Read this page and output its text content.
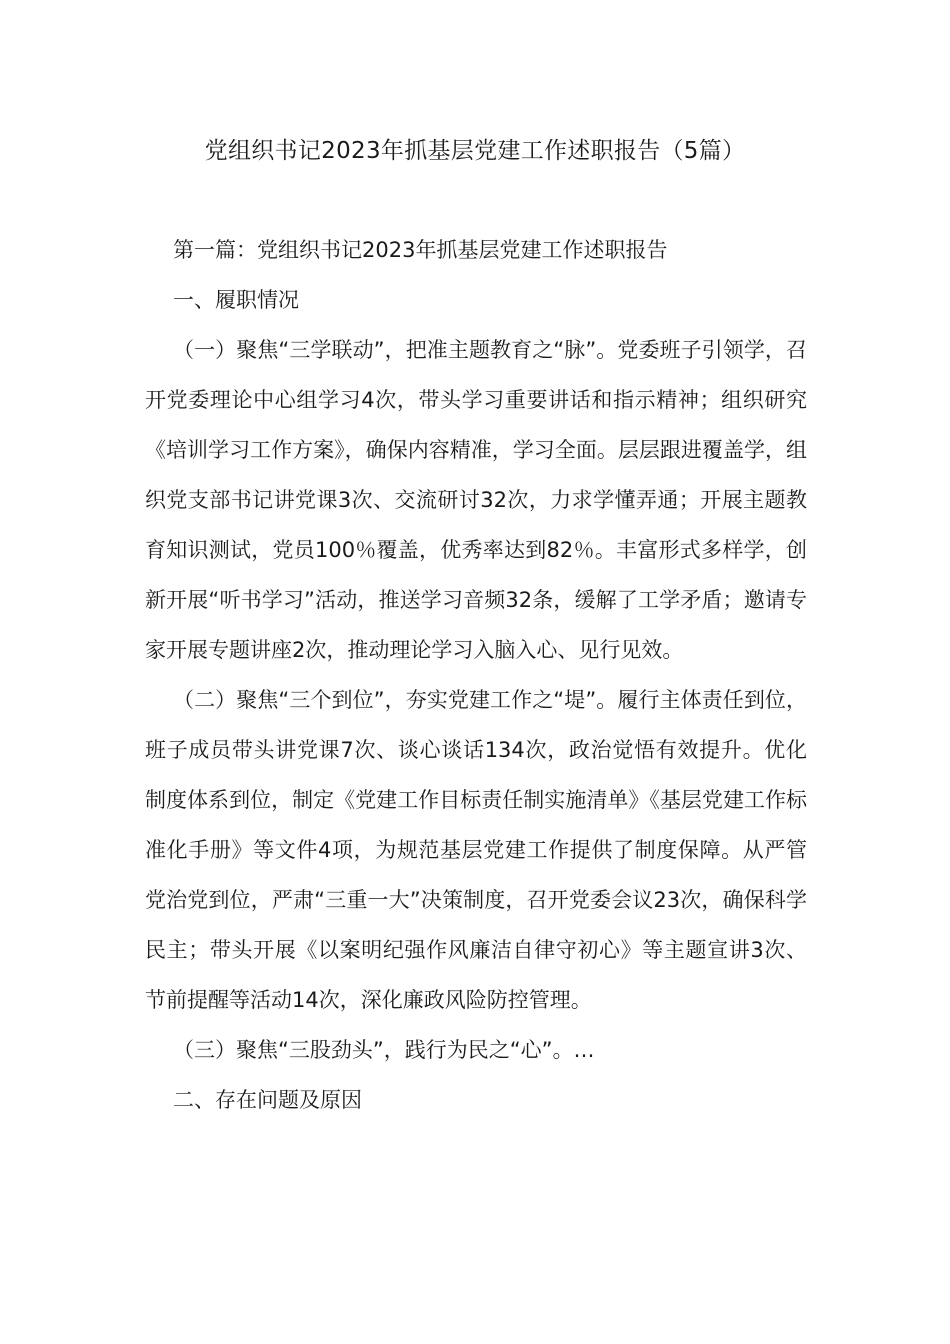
党组织书记2023年抓基层党建工作述职报告（5篇）

第一篇：党组织书记2023年抓基层党建工作述职报告

一、履职情况

（一）聚焦“三学联动”，把准主题教育之“脉”。党委班子引领学，召开党委理论中心组学习4次，带头学习重要讲话和指示精神；组织研究《培训学习工作方案》，确保内容精准，学习全面。层层跟进覆盖学，组织党支部书记讲党课3次、交流研讨32次，力求学懂弄通；开展主题教育知识测试，党员100％覆盖，优秀率达到82％。丰富形式多样学，创新开展“听书学习”活动，推送学习音频32条，缓解了工学矛盾；邀请专家开展专题讲座2次，推动理论学习入脑入心、见行见效。

（二）聚焦“三个到位”，夯实党建工作之“堤”。履行主体责任到位，班子成员带头讲党课7次、谈心谈话134次，政治觉悟有效提升。优化制度体系到位，制定《党建工作目标责任制实施清单》《基层党建工作标准化手册》等文件4项，为规范基层党建工作提供了制度保障。从严管党治党到位，严肃“三重一大”决策制度，召开党委会议23次，确保科学民主；带头开展《以案明纪强作风廉洁自律守初心》等主题宣讲3次、节前提醒等活动14次，深化廉政风险防控管理。

（三）聚焦“三股劲头”，践行为民之“心”。…

二、存在问题及原因
